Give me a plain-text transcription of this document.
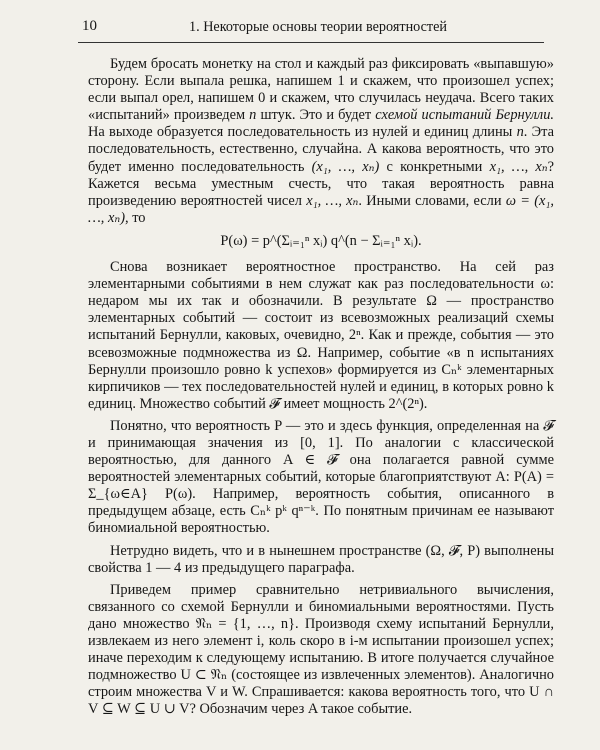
10	1. Некоторые основы теории вероятностей

Будем бросать монетку на стол и каждый раз фиксировать «выпавшую» сторону. Если выпала решка, напишем 1 и скажем, что произошел успех; если выпал орел, напишем 0 и скажем, что случилась неудача. Всего таких «испытаний» произведем n штук. Это и будет схемой испытаний Бернулли. На выходе образуется последовательность из нулей и единиц длины n. Эта последовательность, естественно, случайна. А какова вероятность, что это будет именно последовательность (x₁, …, xₙ) с конкретными x₁, …, xₙ? Кажется весьма уместным счесть, что такая вероятность равна произведению вероятностей чисел x₁, …, xₙ. Иными словами, если ω = (x₁, …, xₙ), то

P(ω) = p^(Σᵢ₌₁ⁿ xᵢ) q^(n − Σᵢ₌₁ⁿ xᵢ).

Снова возникает вероятностное пространство. На сей раз элементарными событиями в нем служат как раз последовательности ω: недаром мы их так и обозначили. В результате Ω — пространство элементарных событий — состоит из всевозможных реализаций схемы испытаний Бернулли, каковых, очевидно, 2ⁿ. Как и прежде, события — это всевозможные подмножества из Ω. Например, событие «в n испытаниях Бернулли произошло ровно k успехов» формируется из Cₙᵏ элементарных кирпичиков — тех последовательностей нулей и единиц, в которых ровно k единиц. Множество событий 𝓕 имеет мощность 2^(2ⁿ).

Понятно, что вероятность P — это и здесь функция, определенная на 𝓕 и принимающая значения из [0, 1]. По аналогии с классической вероятностью, для данного A ∈ 𝓕 она полагается равной сумме вероятностей элементарных событий, которые благоприятствуют A: P(A) = Σ_{ω∈A} P(ω). Например, вероятность события, описанного в предыдущем абзаце, есть Cₙᵏ pᵏ qⁿ⁻ᵏ. По понятным причинам ее называют биномиальной вероятностью.

Нетрудно видеть, что и в нынешнем пространстве (Ω, 𝓕, P) выполнены свойства 1 — 4 из предыдущего параграфа.

Приведем пример сравнительно нетривиального вычисления, связанного со схемой Бернулли и биномиальными вероятностями. Пусть дано множество 𝔑ₙ = {1, …, n}. Производя схему испытаний Бернулли, извлекаем из него элемент i, коль скоро в i-м испытании произошел успех; иначе переходим к следующему испытанию. В итоге получается случайное подмножество U ⊂ 𝔑ₙ (состоящее из извлеченных элементов). Аналогично строим множества V и W. Спрашивается: какова вероятность того, что U ∩ V ⊆ W ⊆ U ∪ V? Обозначим через A такое событие.
